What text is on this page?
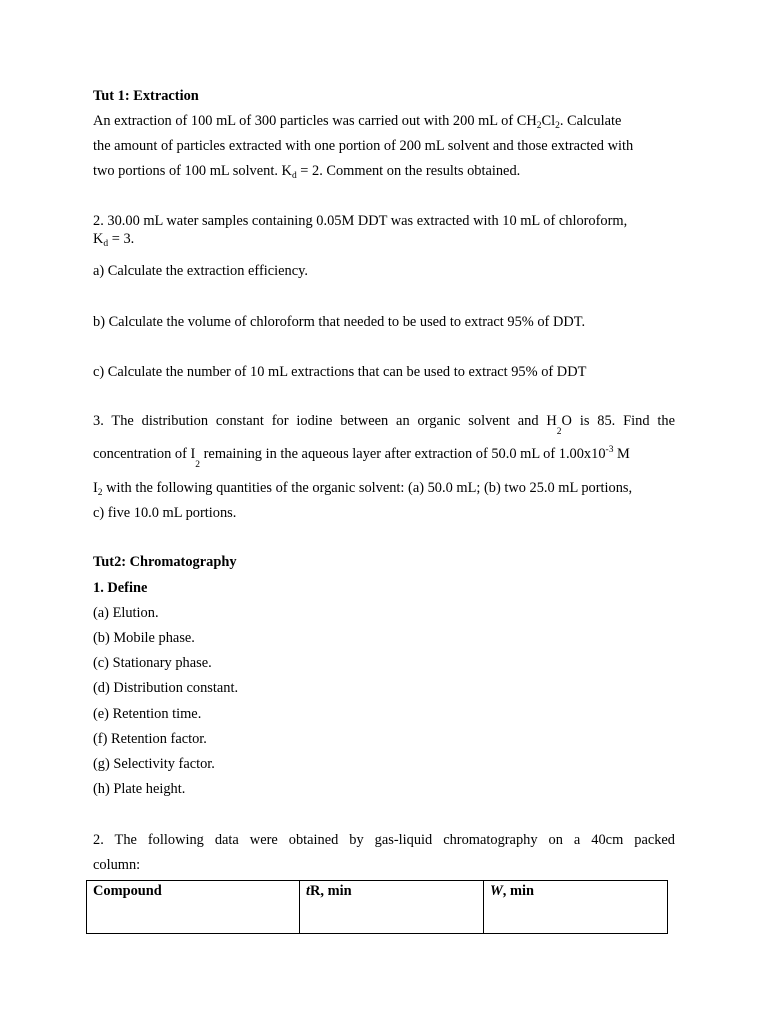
Tut 1: Extraction
An extraction of 100 mL of 300 particles was carried out with 200 mL of $CH_2Cl_2$. Calculate
the amount of particles extracted with one portion of 200 mL solvent and those extracted with
two portions of 100 mL solvent. $K_d = 2$. Comment on the results obtained.
2. 30.00 mL water samples containing 0.05M DDT was extracted with 10 mL of chloroform,
$K_d = 3$.
a) Calculate the extraction efficiency.
b) Calculate the volume of chloroform that needed to be used to extract 95% of DDT.
c) Calculate the number of 10 mL extractions that can be used to extract 95% of DDT
3. The distribution constant for iodine between an organic solvent and $H_2O$ is 85. Find the
concentration of $I_2$ remaining in the aqueous layer after extraction of 50.0 mL of $1.00x10^{-3}$ M
$I_2$ with the following quantities of the organic solvent: (a) 50.0 mL; (b) two 25.0 mL portions,
c) five 10.0 mL portions.
Tut2: Chromatography
1. Define
(a) Elution.
(b) Mobile phase.
(c) Stationary phase.
(d) Distribution constant.
(e) Retention time.
(f) Retention factor.
(g) Selectivity factor.
(h) Plate height.
2. The following data were obtained by gas-liquid chromatography on a 40cm packed
column:
Compound	tR, min	W, min
